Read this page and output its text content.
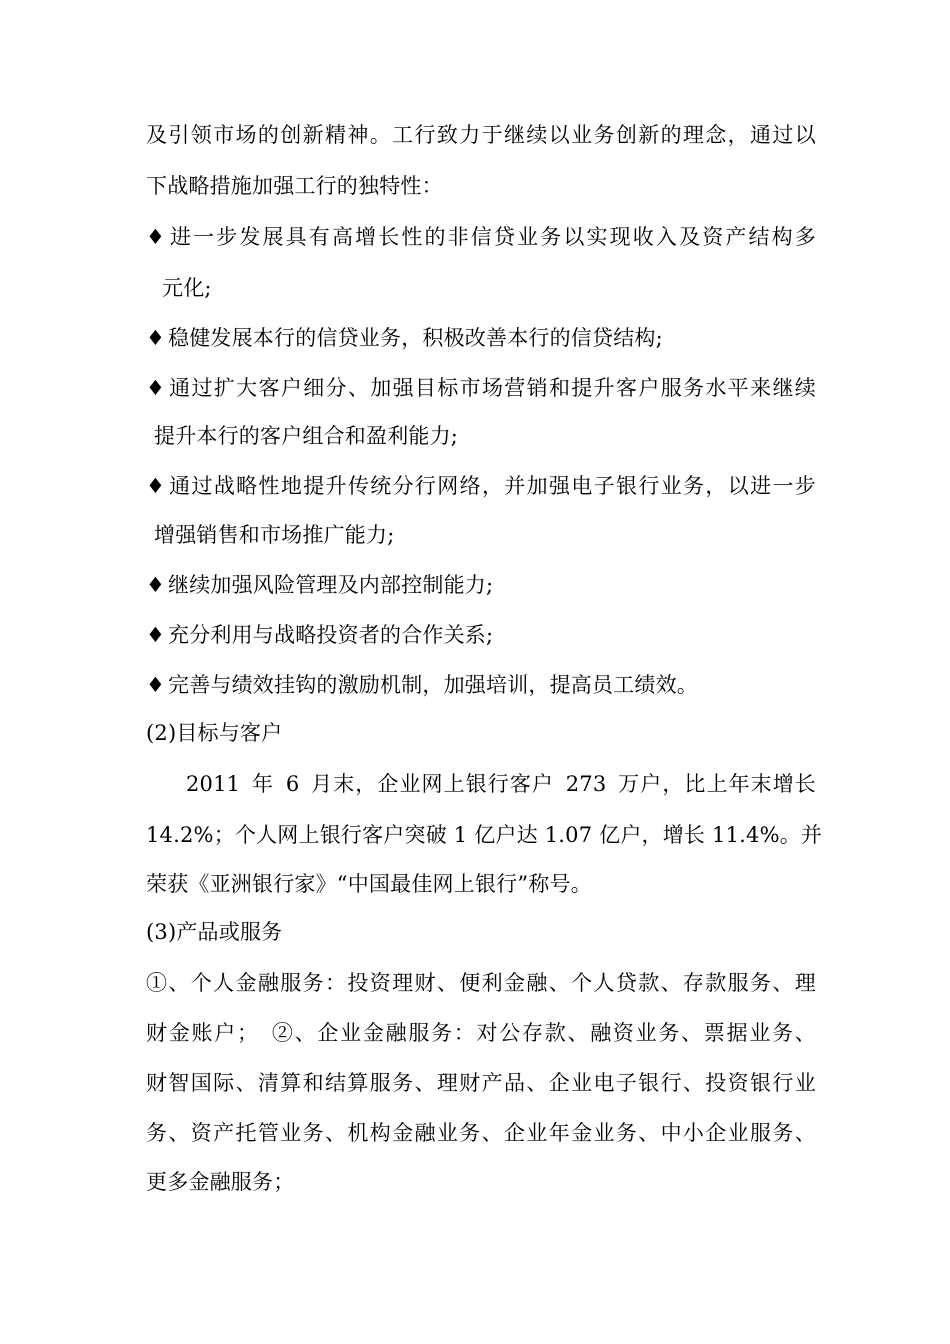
及引领市场的创新精神。工行致力于继续以业务创新的理念，通过以
下战略措施加强工行的独特性：
♦ 进一步发展具有高增长性的非信贷业务以实现收入及资产结构多
元化;
♦ 稳健发展本行的信贷业务，积极改善本行的信贷结构;
♦ 通过扩大客户细分、加强目标市场营销和提升客户服务水平来继续
提升本行的客户组合和盈利能力;
♦ 通过战略性地提升传统分行网络，并加强电子银行业务，以进一步
增强销售和市场推广能力;
♦ 继续加强风险管理及内部控制能力;
♦ 充分利用与战略投资者的合作关系;
♦ 完善与绩效挂钩的激励机制，加强培训，提高员工绩效。
(2)目标与客户
2011 年 6 月末，企业网上银行客户 273 万户，比上年末增长
14.2%；个人网上银行客户突破 1 亿户达 1.07 亿户，增长 11.4%。并
荣获《亚洲银行家》“中国最佳网上银行”称号。
(3)产品或服务
①、个人金融服务：投资理财、便利金融、个人贷款、存款服务、理
财金账户；　②、企业金融服务：对公存款、融资业务、票据业务、
财智国际、清算和结算服务、理财产品、企业电子银行、投资银行业
务、资产托管业务、机构金融业务、企业年金业务、中小企业服务、
更多金融服务；
